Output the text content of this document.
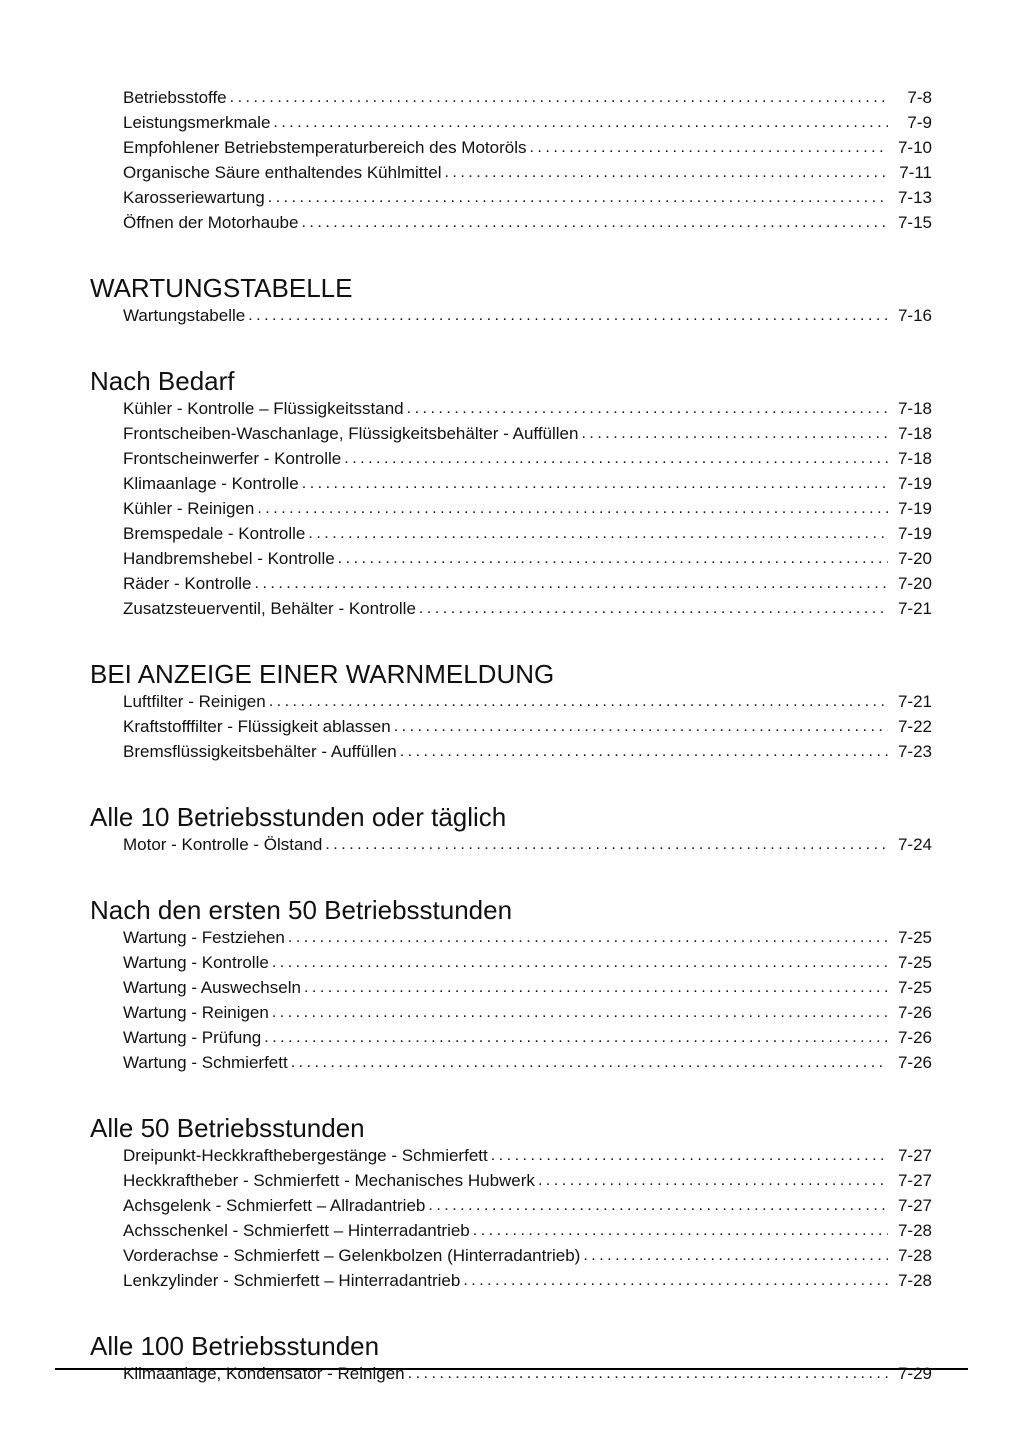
Betriebsstoffe .....	7-8
Leistungsmerkmale .....	7-9
Empfohlener Betriebstemperaturbereich des Motoröls .....	7-10
Organische Säure enthaltendes Kühlmittel .....	7-11
Karosseriewartung .....	7-13
Öffnen der Motorhaube .....	7-15
WARTUNGSTABELLE
Wartungstabelle .....	7-16
Nach Bedarf
Kühler - Kontrolle – Flüssigkeitsstand .....	7-18
Frontscheiben-Waschanlage, Flüssigkeitsbehälter - Auffüllen .....	7-18
Frontscheinwerfer - Kontrolle .....	7-18
Klimaanlage - Kontrolle .....	7-19
Kühler - Reinigen .....	7-19
Bremspedale - Kontrolle .....	7-19
Handbremshebel - Kontrolle .....	7-20
Räder - Kontrolle .....	7-20
Zusatzsteuerventil, Behälter - Kontrolle .....	7-21
BEI ANZEIGE EINER WARNMELDUNG
Luftfilter - Reinigen .....	7-21
Kraftstofffilter - Flüssigkeit ablassen .....	7-22
Bremsflüssigkeitsbehälter - Auffüllen .....	7-23
Alle 10 Betriebsstunden oder täglich
Motor - Kontrolle - Ölstand .....	7-24
Nach den ersten 50 Betriebsstunden
Wartung - Festziehen .....	7-25
Wartung - Kontrolle .....	7-25
Wartung - Auswechseln .....	7-25
Wartung - Reinigen .....	7-26
Wartung - Prüfung .....	7-26
Wartung - Schmierfett .....	7-26
Alle 50 Betriebsstunden
Dreipunkt-Heckkrafthebergestänge - Schmierfett .....	7-27
Heckkraftheber - Schmierfett - Mechanisches Hubwerk .....	7-27
Achsgelenk - Schmierfett – Allradantrieb .....	7-27
Achsschenkel - Schmierfett – Hinterradantrieb .....	7-28
Vorderachse - Schmierfett – Gelenkbolzen (Hinterradantrieb) .....	7-28
Lenkzylinder - Schmierfett – Hinterradantrieb .....	7-28
Alle 100 Betriebsstunden
Klimaanlage, Kondensator - Reinigen .....	7-29
